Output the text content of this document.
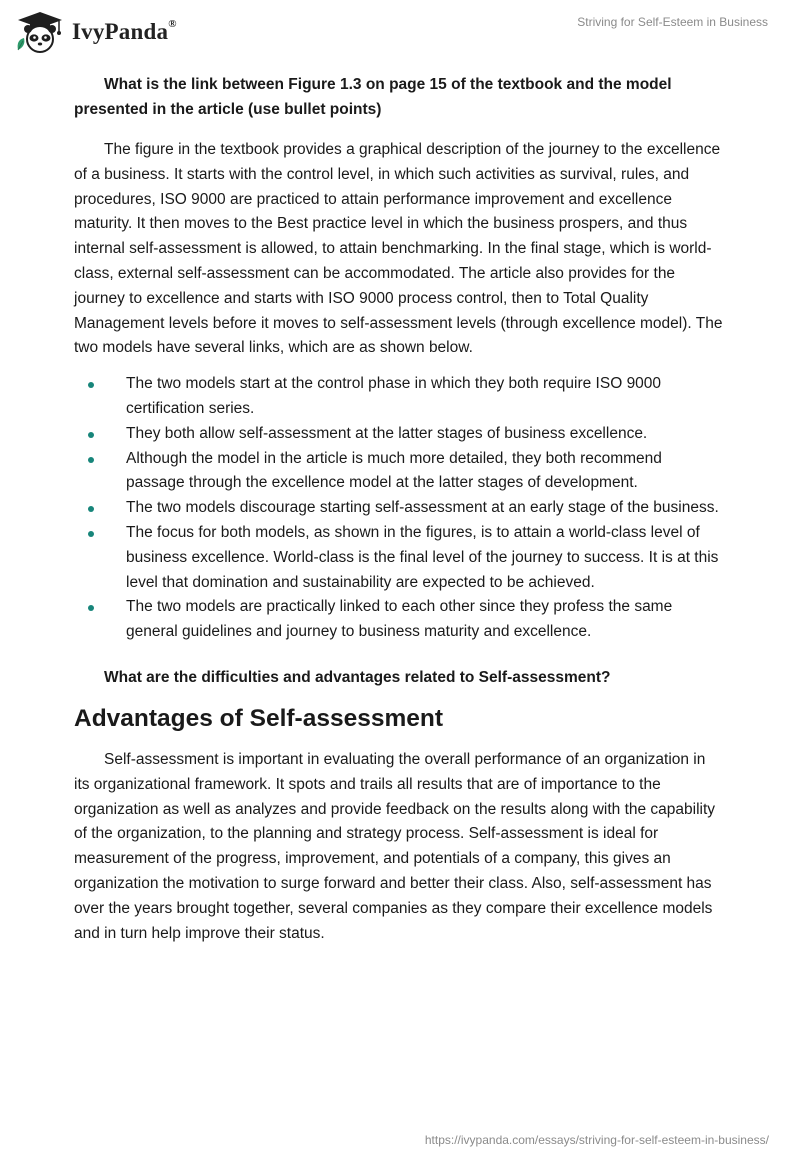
IvyPanda®	Striving for Self-Esteem in Business

What is the link between Figure 1.3 on page 15 of the textbook and the model presented in the article (use bullet points)

The figure in the textbook provides a graphical description of the journey to the excellence of a business. It starts with the control level, in which such activities as survival, rules, and procedures, ISO 9000 are practiced to attain performance improvement and excellence maturity. It then moves to the Best practice level in which the business prospers, and thus internal self-assessment is allowed, to attain benchmarking. In the final stage, which is world-class, external self-assessment can be accommodated. The article also provides for the journey to excellence and starts with ISO 9000 process control, then to Total Quality Management levels before it moves to self-assessment levels (through excellence model). The two models have several links, which are as shown below.

The two models start at the control phase in which they both require ISO 9000 certification series.
They both allow self-assessment at the latter stages of business excellence.
Although the model in the article is much more detailed, they both recommend passage through the excellence model at the latter stages of development.
The two models discourage starting self-assessment at an early stage of the business.
The focus for both models, as shown in the figures, is to attain a world-class level of business excellence. World-class is the final level of the journey to success. It is at this level that domination and sustainability are expected to be achieved.
The two models are practically linked to each other since they profess the same general guidelines and journey to business maturity and excellence.

What are the difficulties and advantages related to Self-assessment?

Advantages of Self-assessment

Self-assessment is important in evaluating the overall performance of an organization in its organizational framework. It spots and trails all results that are of importance to the organization as well as analyzes and provide feedback on the results along with the capability of the organization, to the planning and strategy process. Self-assessment is ideal for measurement of the progress, improvement, and potentials of a company, this gives an organization the motivation to surge forward and better their class. Also, self-assessment has over the years brought together, several companies as they compare their excellence models and in turn help improve their status.

https://ivypanda.com/essays/striving-for-self-esteem-in-business/
